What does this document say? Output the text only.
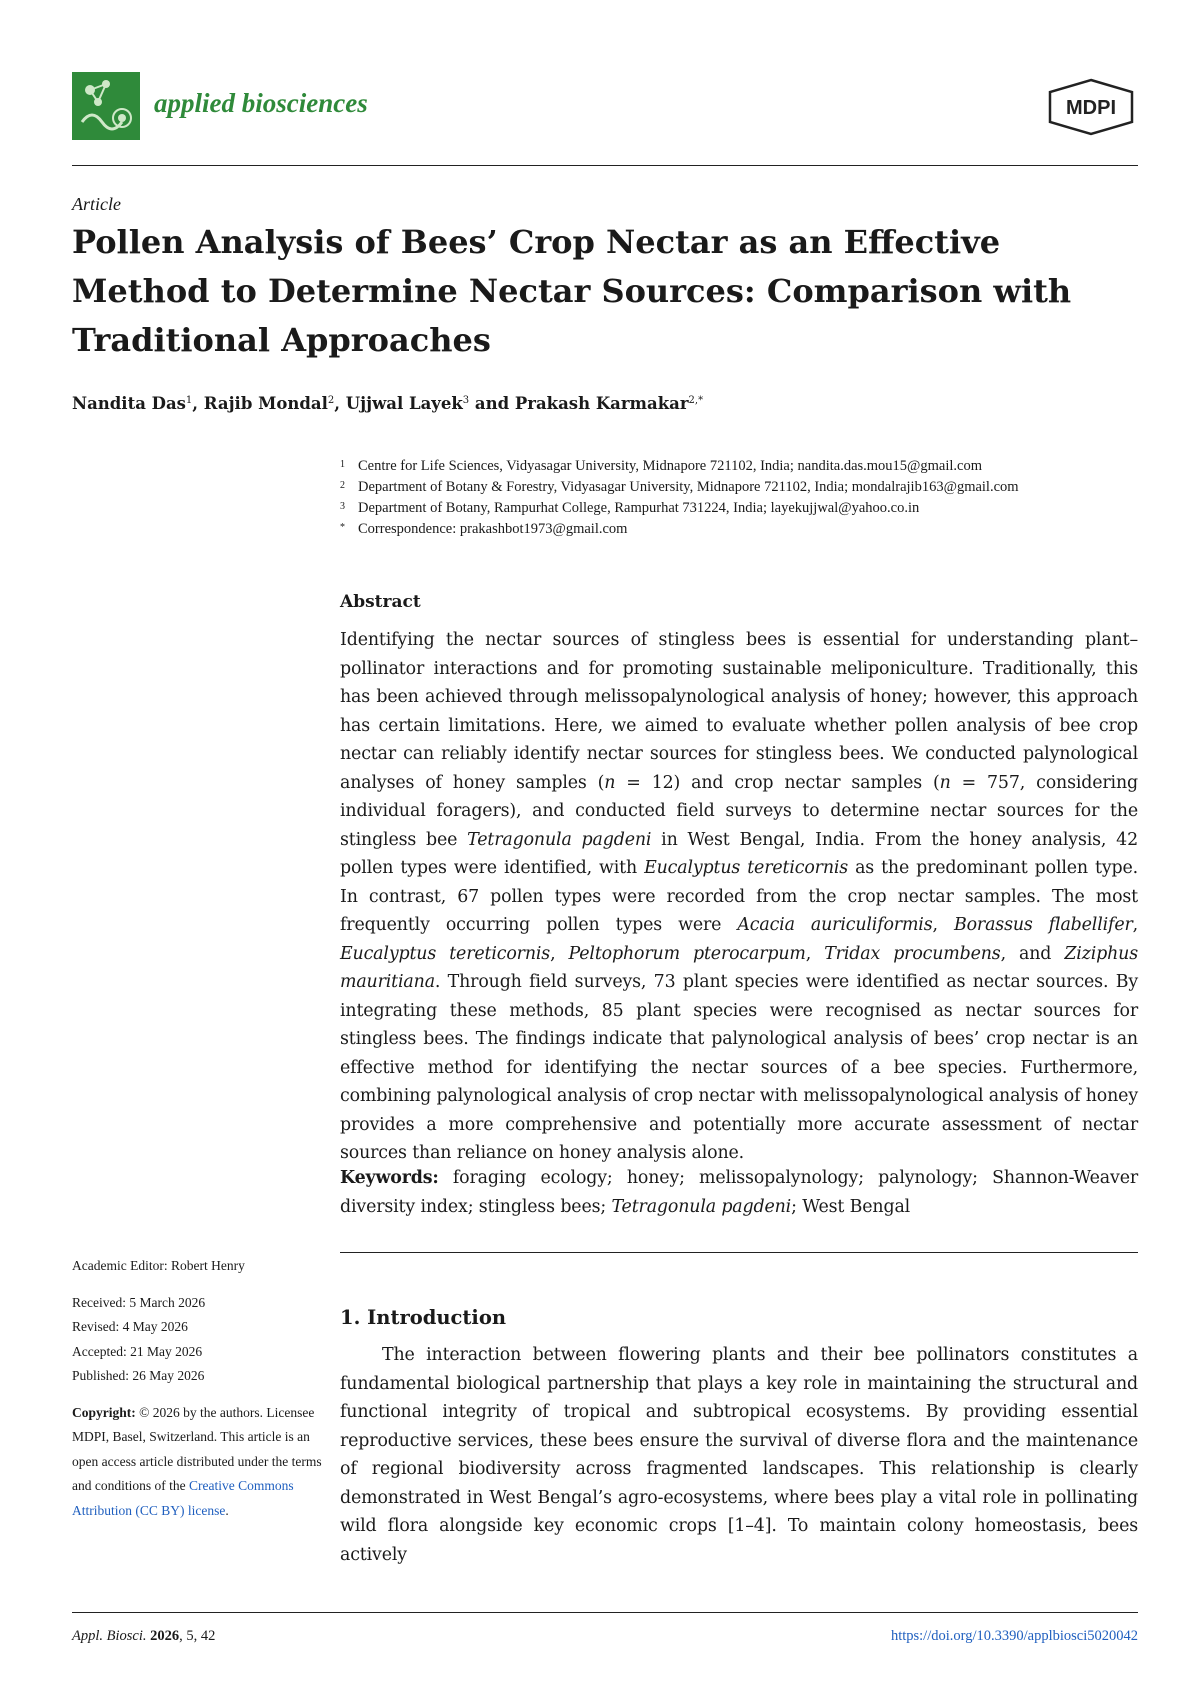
applied biosciences	MDPI
Article
Pollen Analysis of Bees’ Crop Nectar as an Effective
Method to Determine Nectar Sources: Comparison with
Traditional Approaches
Nandita Das$^1$, Rajib Mondal$^2$, Ujjwal Layek$^3$ and Prakash Karmakar$^{2,*}$
1 Centre for Life Sciences, Vidyasagar University, Midnapore 721102, India; nandita.das.mou15@gmail.com
2 Department of Botany & Forestry, Vidyasagar University, Midnapore 721102, India; mondalrajib163@gmail.com
3 Department of Botany, Rampurhat College, Rampurhat 731224, India; layekujjwal@yahoo.co.in
* Correspondence: prakashbot1973@gmail.com
Abstract

Identifying the nectar sources of stingless bees is essential for understanding plant–pollinator interactions and for promoting sustainable meliponiculture. Traditionally, this has been achieved through melissopalynological analysis of honey; however, this approach has certain limitations. Here, we aimed to evaluate whether pollen analysis of bee crop nectar can reliably identify nectar sources for stingless bees. We conducted palynological analyses of honey samples (n = 12) and crop nectar samples (n = 757, considering individual foragers), and conducted field surveys to determine nectar sources for the stingless bee Tetragonula pagdeni in West Bengal, India. From the honey analysis, 42 pollen types were identified, with Eucalyptus tereticornis as the predominant pollen type. In contrast, 67 pollen types were recorded from the crop nectar samples. The most frequently occurring pollen types were Acacia auriculiformis, Borassus flabellifer, Eucalyptus tereticornis, Peltophorum pterocarpum, Tridax procumbens, and Ziziphus mauritiana. Through field surveys, 73 plant species were identified as nectar sources. By integrating these methods, 85 plant species were recognised as nectar sources for stingless bees. The findings indicate that palynological analysis of bees’ crop nectar is an effective method for identifying the nectar sources of a bee species. Furthermore, combining palynological analysis of crop nectar with melissopalynological analysis of honey provides a more comprehensive and potentially more accurate assessment of nectar sources than reliance on honey analysis alone.

Keywords: foraging ecology; honey; melissopalynology; palynology; Shannon-Weaver diversity index; stingless bees; Tetragonula pagdeni; West Bengal

Academic Editor: Robert Henry
Received: 5 March 2026
Revised: 4 May 2026
Accepted: 21 May 2026
Published: 26 May 2026
Copyright: © 2026 by the authors. Licensee MDPI, Basel, Switzerland. This article is an open access article distributed under the terms and conditions of the Creative Commons Attribution (CC BY) license.
1. Introduction

The interaction between flowering plants and their bee pollinators constitutes a fundamental biological partnership that plays a key role in maintaining the structural and functional integrity of tropical and subtropical ecosystems. By providing essential reproductive services, these bees ensure the survival of diverse flora and the maintenance of regional biodiversity across fragmented landscapes. This relationship is clearly demonstrated in West Bengal’s agro-ecosystems, where bees play a vital role in pollinating wild flora alongside key economic crops [1–4]. To maintain colony homeostasis, bees actively

Appl. Biosci. 2026, 5, 42	https://doi.org/10.3390/applbiosci5020042
